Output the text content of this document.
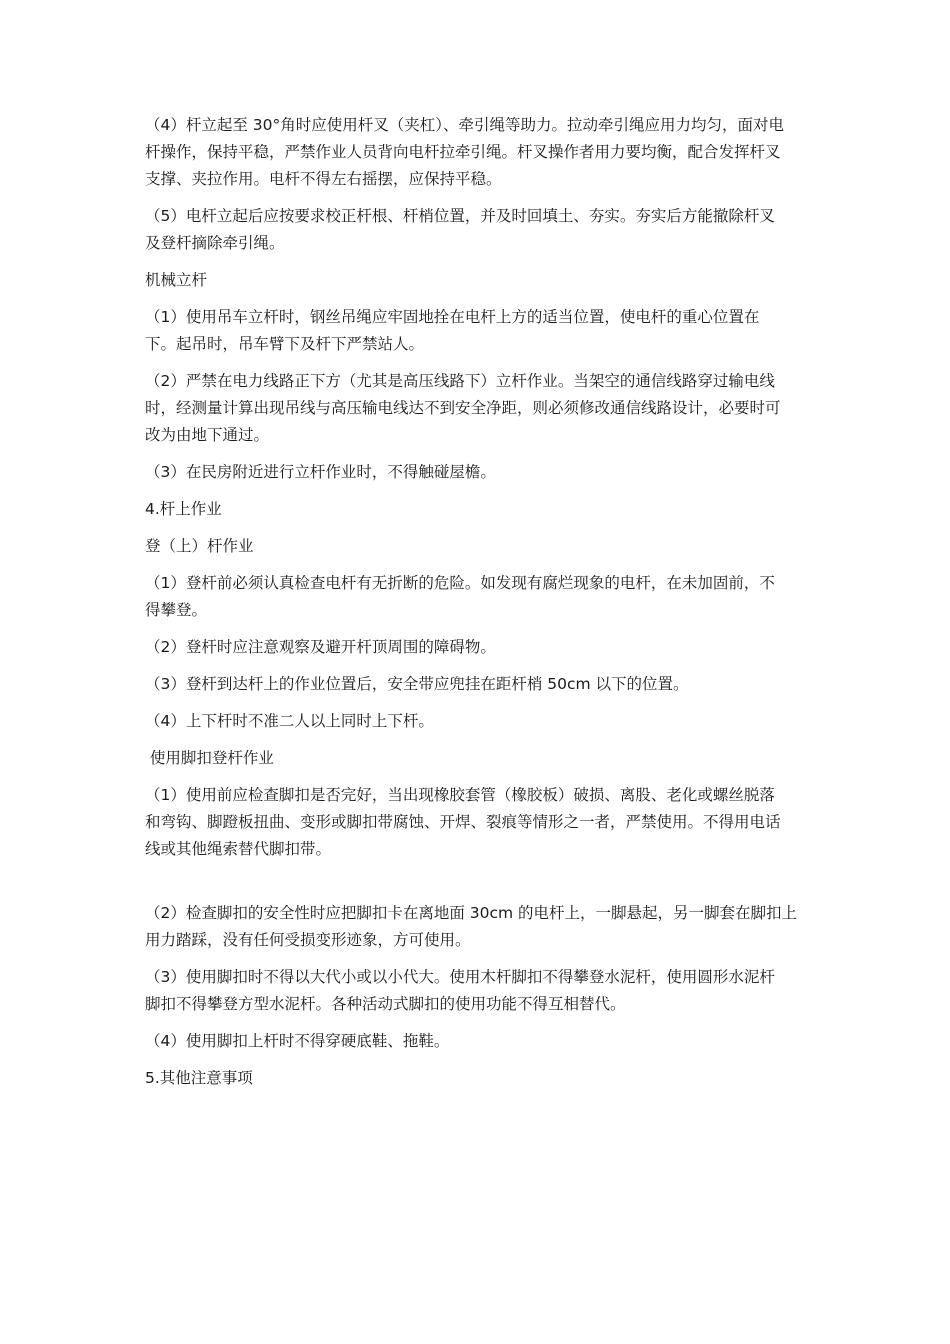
（4）杆立起至 30°角时应使用杆叉（夹杠）、牵引绳等助力。拉动牵引绳应用力均匀，面对电
杆操作，保持平稳，严禁作业人员背向电杆拉牵引绳。杆叉操作者用力要均衡，配合发挥杆叉
支撑、夹拉作用。电杆不得左右摇摆，应保持平稳。

（5）电杆立起后应按要求校正杆根、杆梢位置，并及时回填土、夯实。夯实后方能撤除杆叉
及登杆摘除牵引绳。

机械立杆

（1）使用吊车立杆时，钢丝吊绳应牢固地拴在电杆上方的适当位置，使电杆的重心位置在
下。起吊时，吊车臂下及杆下严禁站人。

（2）严禁在电力线路正下方（尤其是高压线路下）立杆作业。当架空的通信线路穿过输电线
时，经测量计算出现吊线与高压输电线达不到安全净距，则必须修改通信线路设计，必要时可
改为由地下通过。

（3）在民房附近进行立杆作业时，不得触碰屋檐。

4.杆上作业

登（上）杆作业

（1）登杆前必须认真检查电杆有无折断的危险。如发现有腐烂现象的电杆，在未加固前，不
得攀登。

（2）登杆时应注意观察及避开杆顶周围的障碍物。

（3）登杆到达杆上的作业位置后，安全带应兜挂在距杆梢 50cm 以下的位置。

（4）上下杆时不准二人以上同时上下杆。

使用脚扣登杆作业

（1）使用前应检查脚扣是否完好，当出现橡胶套管（橡胶板）破损、离股、老化或螺丝脱落
和弯钩、脚蹬板扭曲、变形或脚扣带腐蚀、开焊、裂痕等情形之一者，严禁使用。不得用电话
线或其他绳索替代脚扣带。

（2）检查脚扣的安全性时应把脚扣卡在离地面 30cm 的电杆上，一脚悬起，另一脚套在脚扣上
用力踏踩，没有任何受损变形迹象，方可使用。

（3）使用脚扣时不得以大代小或以小代大。使用木杆脚扣不得攀登水泥杆，使用圆形水泥杆
脚扣不得攀登方型水泥杆。各种活动式脚扣的使用功能不得互相替代。

（4）使用脚扣上杆时不得穿硬底鞋、拖鞋。

5.其他注意事项
